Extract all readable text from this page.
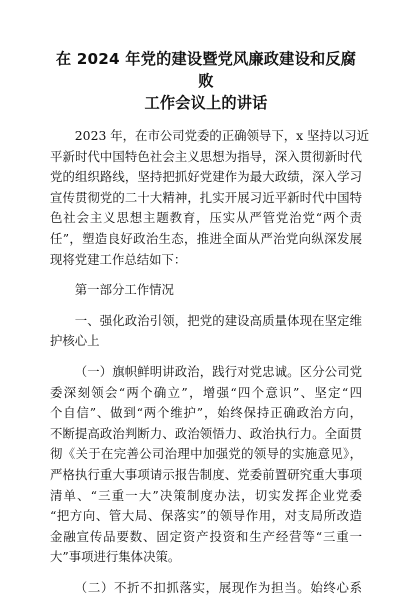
在 2024 年党的建设暨党风廉政建设和反腐败
工作会议上的讲话
2023 年，在市公司党委的正确领导下，x 坚持以习近
平新时代中国特色社会主义思想为指导，深入贯彻新时代
党的组织路线，坚持把抓好党建作为最大政绩，深入学习
宣传贯彻党的二十大精神，扎实开展习近平新时代中国特
色社会主义思想主题教育，压实从严管党治党“两个责
任”，塑造良好政治生态，推进全面从严治党向纵深发展
现将党建工作总结如下：
第一部分工作情况
一、强化政治引领，把党的建设高质量体现在坚定维
护核心上
（一）旗帜鲜明讲政治，践行对党忠诚。区分公司党
委深刻领会“两个确立”，增强“四个意识”、坚定“四
个自信”、做到“两个维护”，始终保持正确政治方向，
不断提高政治判断力、政治领悟力、政治执行力。全面贯
彻《关于在完善公司治理中加强党的领导的实施意见》，
严格执行重大事项请示报告制度、党委前置研究重大事项
清单、“三重一大”决策制度办法，切实发挥企业党委
“把方向、管大局、保落实”的领导作用，对支局所改造
金融宣传品要数、固定资产投资和生产经营等“三重一
大”事项进行集体决策。
（二）不折不扣抓落实，展现作为担当。始终心系
